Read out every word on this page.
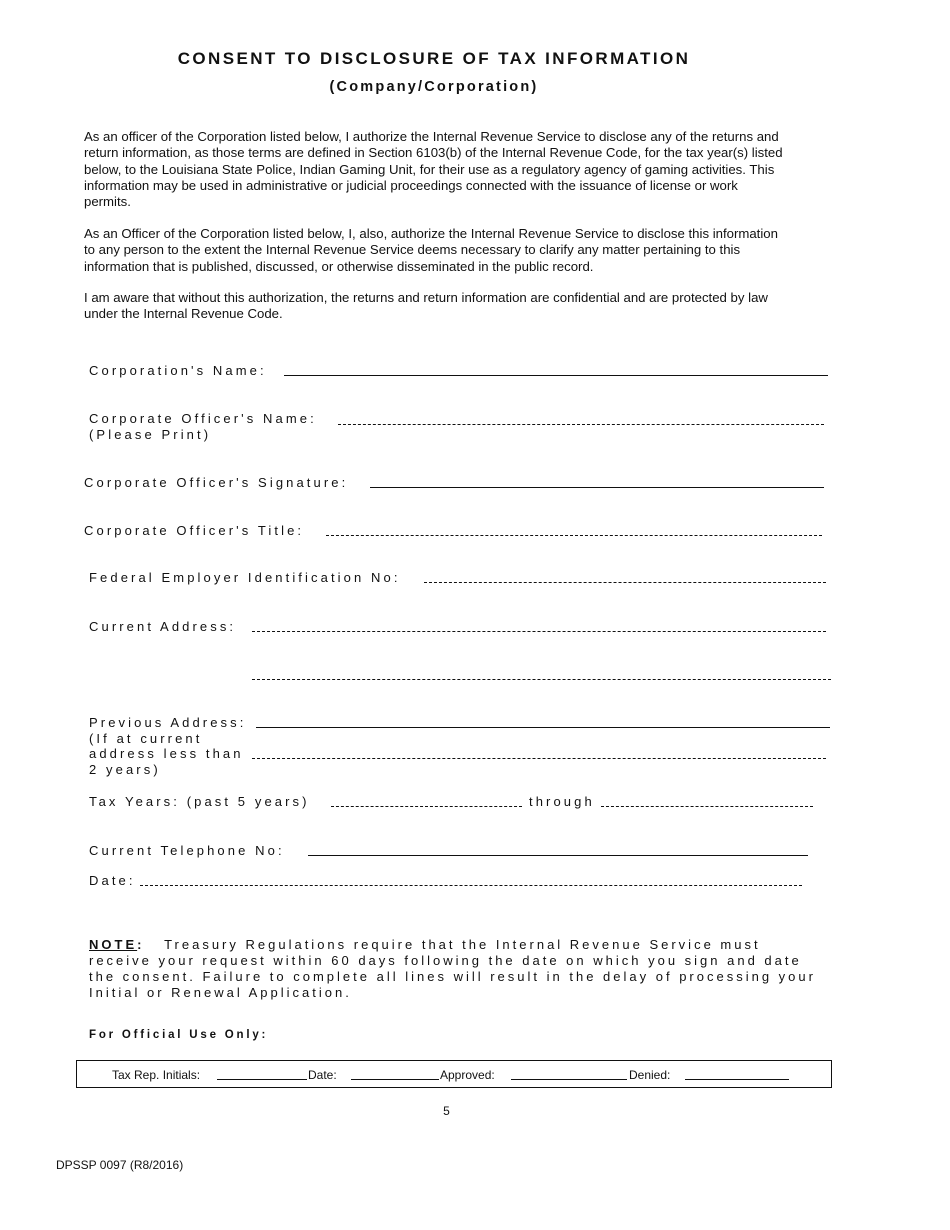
CONSENT TO DISCLOSURE OF TAX INFORMATION
(Company/Corporation)
As an officer of the Corporation listed below, I authorize the Internal Revenue Service to disclose any of the returns and return information, as those terms are defined in Section 6103(b) of the Internal Revenue Code, for the tax year(s) listed below, to the Louisiana State Police, Indian Gaming Unit, for their use as a regulatory agency of gaming activities. This information may be used in administrative or judicial proceedings connected with the issuance of license or work permits.
As an Officer of the Corporation listed below, I, also, authorize the Internal Revenue Service to disclose this information to any person to the extent the Internal Revenue Service deems necessary to clarify any matter pertaining to this information that is published, discussed, or otherwise disseminated in the public record.
I am aware that without this authorization, the returns and return information are confidential and are protected by law under the Internal Revenue Code.
Corporation's Name:
Corporate Officer's Name:
(Please Print)
Corporate Officer's Signature:
Corporate Officer's Title:
Federal Employer Identification No:
Current Address:
Previous Address:
(If at current
address less than
2 years)
Tax Years: (past 5 years)	through
Current Telephone No:
Date:
NOTE: Treasury Regulations require that the Internal Revenue Service must receive your request within 60 days following the date on which you sign and date the consent. Failure to complete all lines will result in the delay of processing your Initial or Renewal Application.
For Official Use Only:
Tax Rep. Initials:	Date:	Approved:	Denied:
5
DPSSP 0097 (R8/2016)
